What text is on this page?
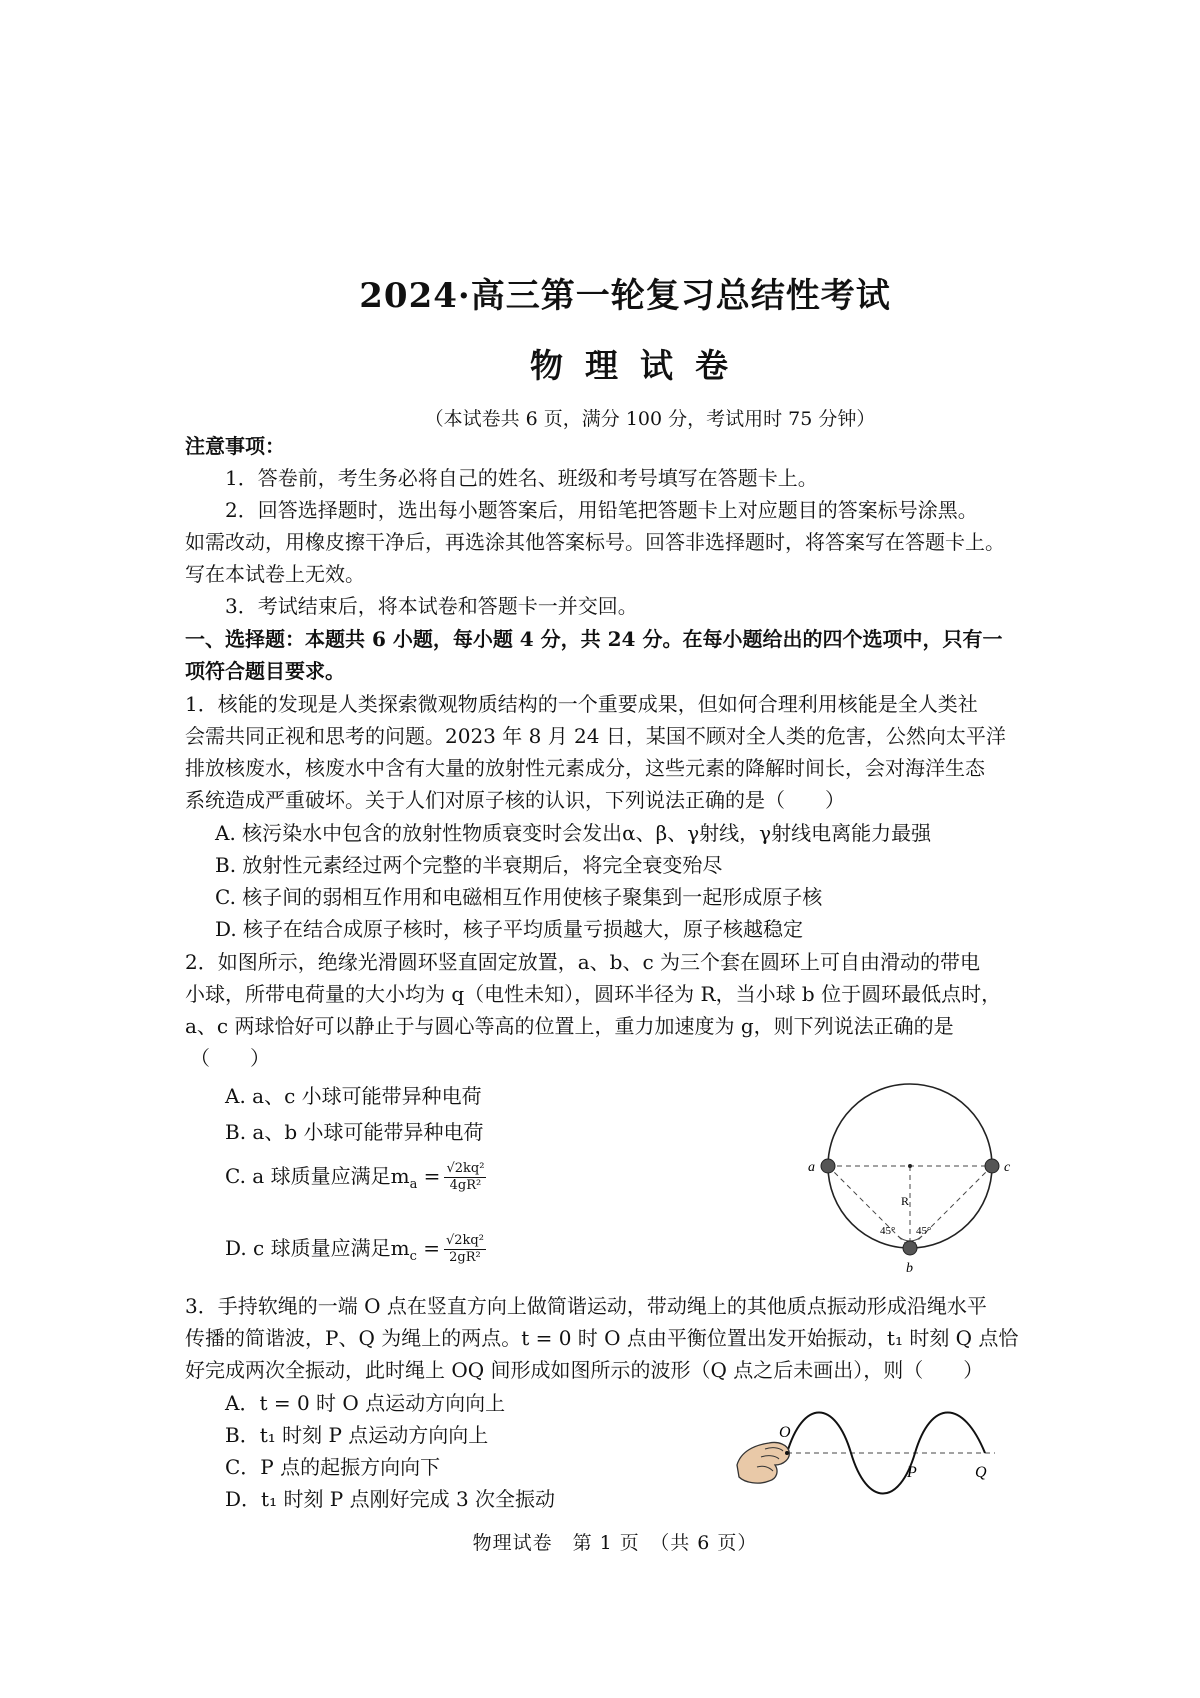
2024·高三第一轮复习总结性考试
物理试卷
（本试卷共 6 页，满分 100 分，考试用时 75 分钟）
注意事项：
1．答卷前，考生务必将自己的姓名、班级和考号填写在答题卡上。
2．回答选择题时，选出每小题答案后，用铅笔把答题卡上对应题目的答案标号涂黑。
如需改动，用橡皮擦干净后，再选涂其他答案标号。回答非选择题时，将答案写在答题卡上。
写在本试卷上无效。
3．考试结束后，将本试卷和答题卡一并交回。
一、选择题：本题共 6 小题，每小题 4 分，共 24 分。在每小题给出的四个选项中，只有一
项符合题目要求。
1．核能的发现是人类探索微观物质结构的一个重要成果，但如何合理利用核能是全人类社
会需共同正视和思考的问题。2023 年 8 月 24 日，某国不顾对全人类的危害，公然向太平洋
排放核废水，核废水中含有大量的放射性元素成分，这些元素的降解时间长，会对海洋生态
系统造成严重破坏。关于人们对原子核的认识，下列说法正确的是（　　）
A. 核污染水中包含的放射性物质衰变时会发出α、β、γ射线，γ射线电离能力最强
B. 放射性元素经过两个完整的半衰期后，将完全衰变殆尽
C. 核子间的弱相互作用和电磁相互作用使核子聚集到一起形成原子核
D. 核子在结合成原子核时，核子平均质量亏损越大，原子核越稳定
2．如图所示，绝缘光滑圆环竖直固定放置，a、b、c 为三个套在圆环上可自由滑动的带电
小球，所带电荷量的大小均为 q（电性未知），圆环半径为 R，当小球 b 位于圆环最低点时，
a、c 两球恰好可以静止于与圆心等高的位置上，重力加速度为 g，则下列说法正确的是
（　　）
A. a、c 小球可能带异种电荷
B. a、b 小球可能带异种电荷
C. a 球质量应满足$m_a = \frac{\text{√2kq²}}{\text{4gR²}}$
D. c 球质量应满足$m_c = \frac{\text{√2kq²}}{\text{2gR²}}$
a	c
b
R
45° 45°
3．手持软绳的一端 O 点在竖直方向上做简谐运动，带动绳上的其他质点振动形成沿绳水平
传播的简谐波，P、Q 为绳上的两点。t = 0 时 O 点由平衡位置出发开始振动，t₁ 时刻 Q 点恰
好完成两次全振动，此时绳上 OQ 间形成如图所示的波形（Q 点之后未画出），则（　　）
A．t = 0 时 O 点运动方向向上
B．t₁ 时刻 P 点运动方向向上
C．P 点的起振方向向下
D．t₁ 时刻 P 点刚好完成 3 次全振动
O
P	Q
物理试卷　第 1 页　（共 6 页）
